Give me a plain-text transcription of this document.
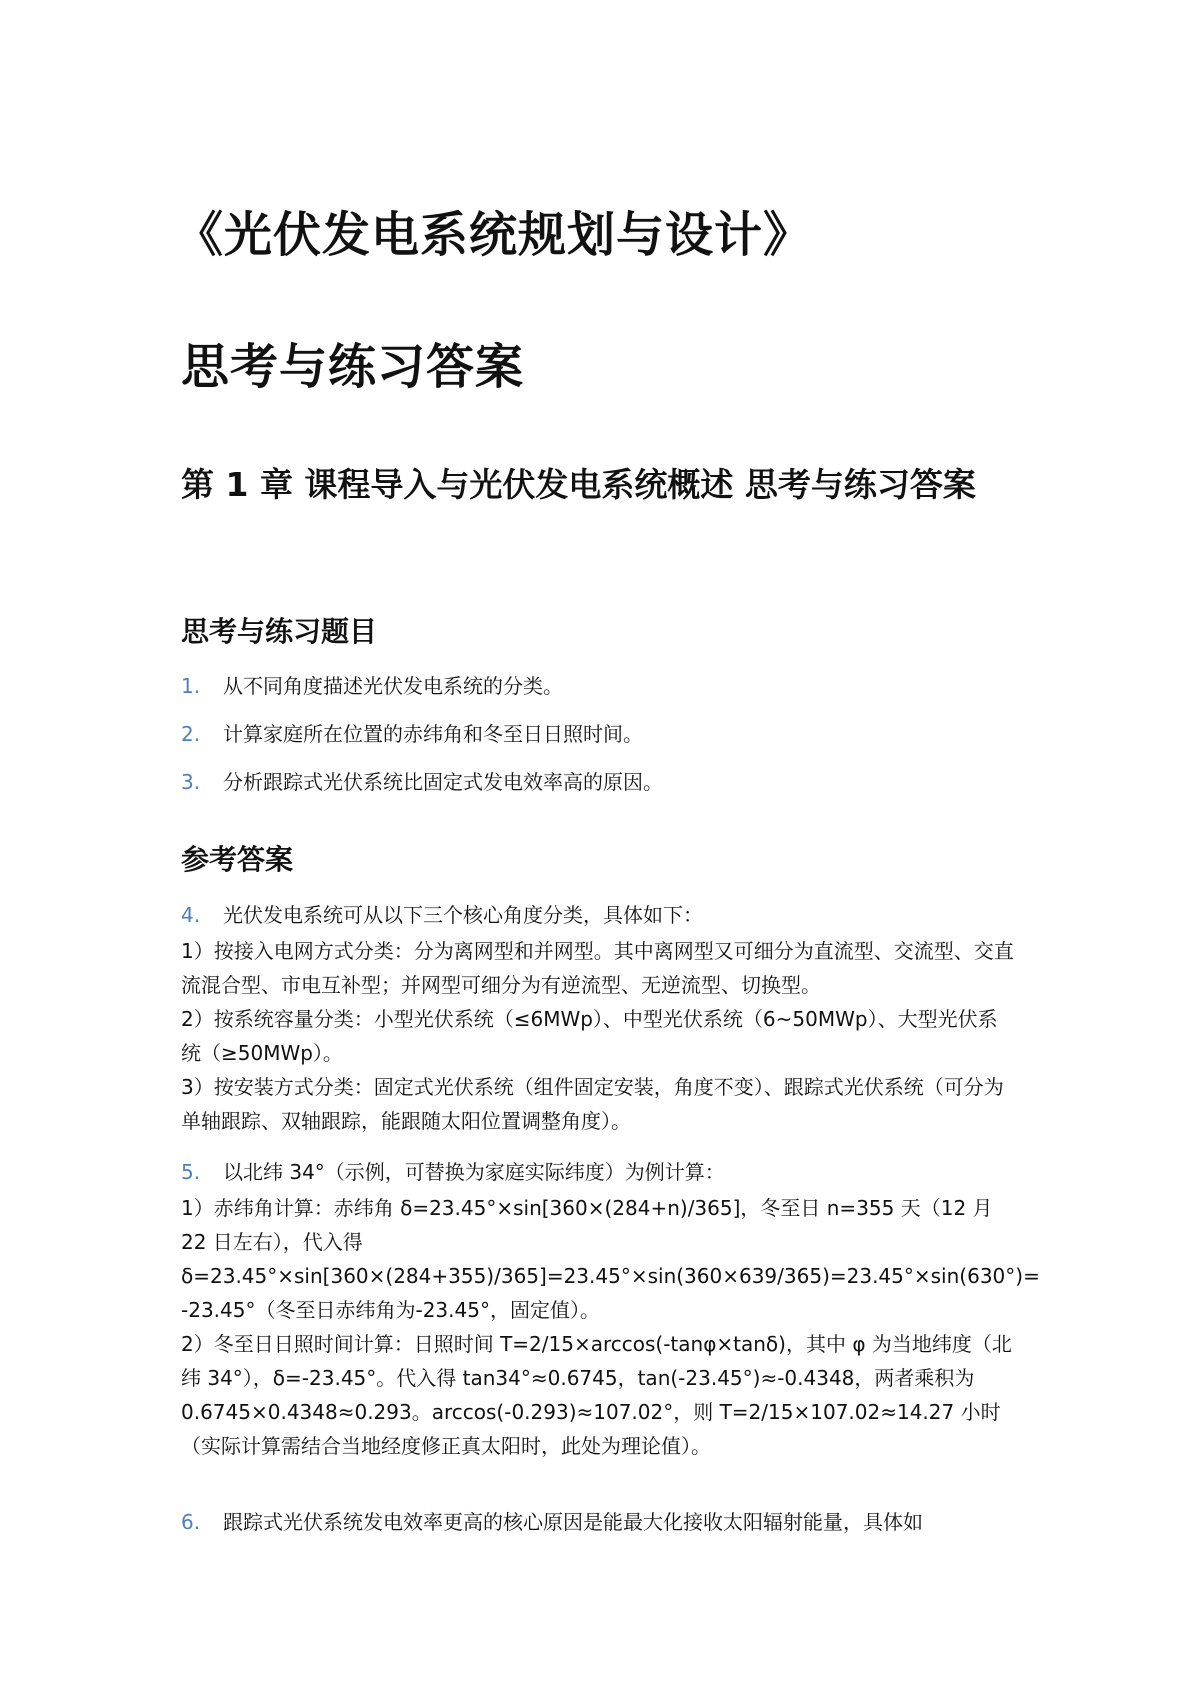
《光伏发电系统规划与设计》
思考与练习答案
第 1 章 课程导入与光伏发电系统概述 思考与练习答案
思考与练习题目
1. 从不同角度描述光伏发电系统的分类。
2. 计算家庭所在位置的赤纬角和冬至日日照时间。
3. 分析跟踪式光伏系统比固定式发电效率高的原因。
参考答案

4. 光伏发电系统可从以下三个核心角度分类，具体如下：

1）按接入电网方式分类：分为离网型和并网型。其中离网型又可细分为直流型、交流型、交直流混合型、市电互补型；并网型可细分为有逆流型、无逆流型、切换型。

2）按系统容量分类：小型光伏系统（≤6MWp）、中型光伏系统（6~50MWp）、大型光伏系统（≥50MWp）。

3）按安装方式分类：固定式光伏系统（组件固定安装，角度不变）、跟踪式光伏系统（可分为单轴跟踪、双轴跟踪，能跟随太阳位置调整角度）。

5. 以北纬 34°（示例，可替换为家庭实际纬度）为例计算：

1）赤纬角计算：赤纬角 δ=23.45°×sin[360×(284+n)/365]，冬至日 n=355 天（12 月 22 日左右），代入得 δ=23.45°×sin[360×(284+355)/365]=23.45°×sin(360×639/365)=23.45°×sin(630°)= -23.45°（冬至日赤纬角为-23.45°，固定值）。

2）冬至日日照时间计算：日照时间 T=2/15×arccos(-tanφ×tanδ)，其中 φ 为当地纬度（北纬 34°），δ=-23.45°。代入得 tan34°≈0.6745，tan(-23.45°)≈-0.4348，两者乘积为 0.6745×0.4348≈0.293。arccos(-0.293)≈107.02°，则 T=2/15×107.02≈14.27 小时（实际计算需结合当地经度修正真太阳时，此处为理论值）。

6. 跟踪式光伏系统发电效率更高的核心原因是能最大化接收太阳辐射能量，具体如
